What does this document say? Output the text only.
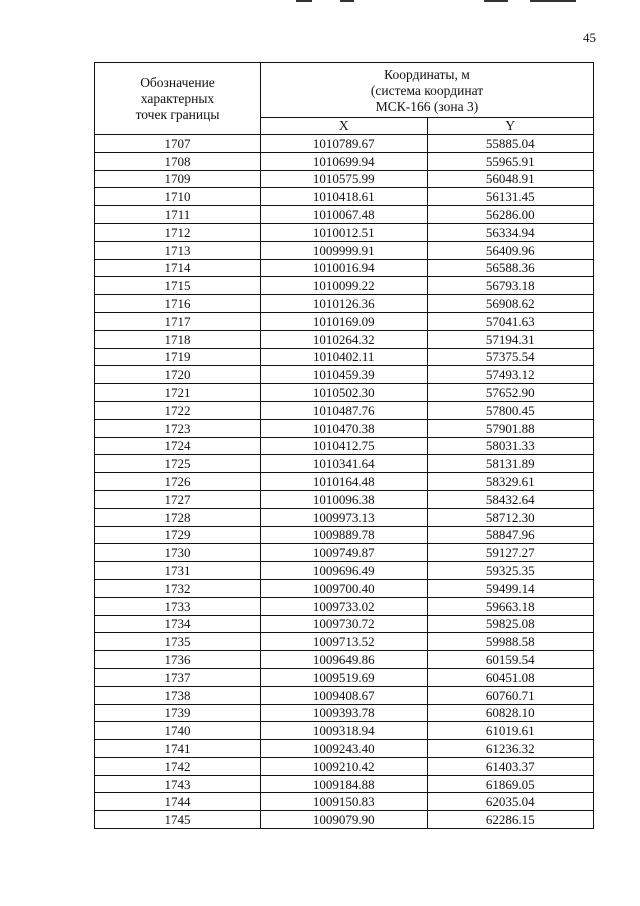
45
Обозначение
характерных
точек границы	Координаты, м
(система координат
МСК-166 (зона 3)	

	X	Y
1707	1010789.67	55885.04
1708	1010699.94	55965.91
1709	1010575.99	56048.91
1710	1010418.61	56131.45
1711	1010067.48	56286.00
1712	1010012.51	56334.94
1713	1009999.91	56409.96
1714	1010016.94	56588.36
1715	1010099.22	56793.18
1716	1010126.36	56908.62
1717	1010169.09	57041.63
1718	1010264.32	57194.31
1719	1010402.11	57375.54
1720	1010459.39	57493.12
1721	1010502.30	57652.90
1722	1010487.76	57800.45
1723	1010470.38	57901.88
1724	1010412.75	58031.33
1725	1010341.64	58131.89
1726	1010164.48	58329.61
1727	1010096.38	58432.64
1728	1009973.13	58712.30
1729	1009889.78	58847.96
1730	1009749.87	59127.27
1731	1009696.49	59325.35
1732	1009700.40	59499.14
1733	1009733.02	59663.18
1734	1009730.72	59825.08
1735	1009713.52	59988.58
1736	1009649.86	60159.54
1737	1009519.69	60451.08
1738	1009408.67	60760.71
1739	1009393.78	60828.10
1740	1009318.94	61019.61
1741	1009243.40	61236.32
1742	1009210.42	61403.37
1743	1009184.88	61869.05
1744	1009150.83	62035.04
1745	1009079.90	62286.15
